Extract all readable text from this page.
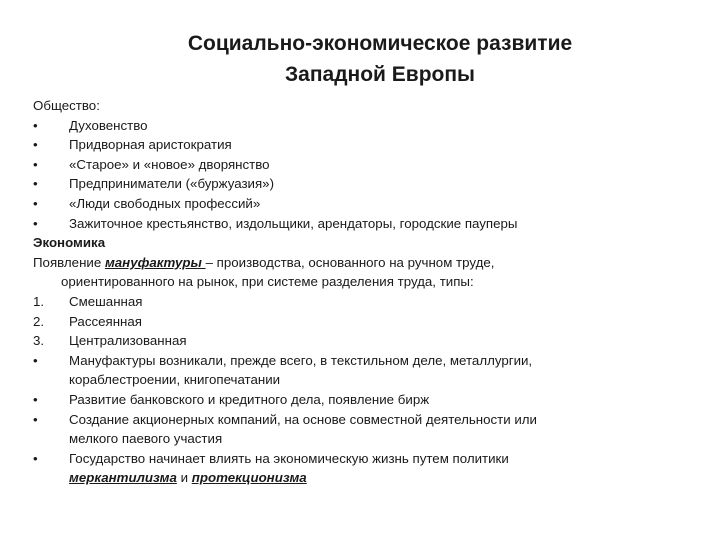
Социально-экономическое развитие
Западной Европы
Общество:
•	Духовенство
•	Придворная аристократия
•	«Старое» и «новое» дворянство
•	Предприниматели («буржуазия»)
•	«Люди свободных профессий»
•	Зажиточное крестьянство, издольщики, арендаторы, городские пауперы
Экономика
Появление мануфактуры – производства, основанного на ручном труде,
ориентированного на рынок, при системе разделения труда, типы:
1.	Смешанная
2.	Рассеянная
3.	Централизованная
•	Мануфактуры возникали, прежде всего, в текстильном деле, металлургии,
кораблестроении, книгопечатании
•	Развитие банковского и кредитного дела, появление бирж
•	Создание акционерных компаний, на основе совместной деятельности или
мелкого паевого участия
•	Государство начинает влиять на экономическую жизнь путем политики
меркантилизма и протекционизма
